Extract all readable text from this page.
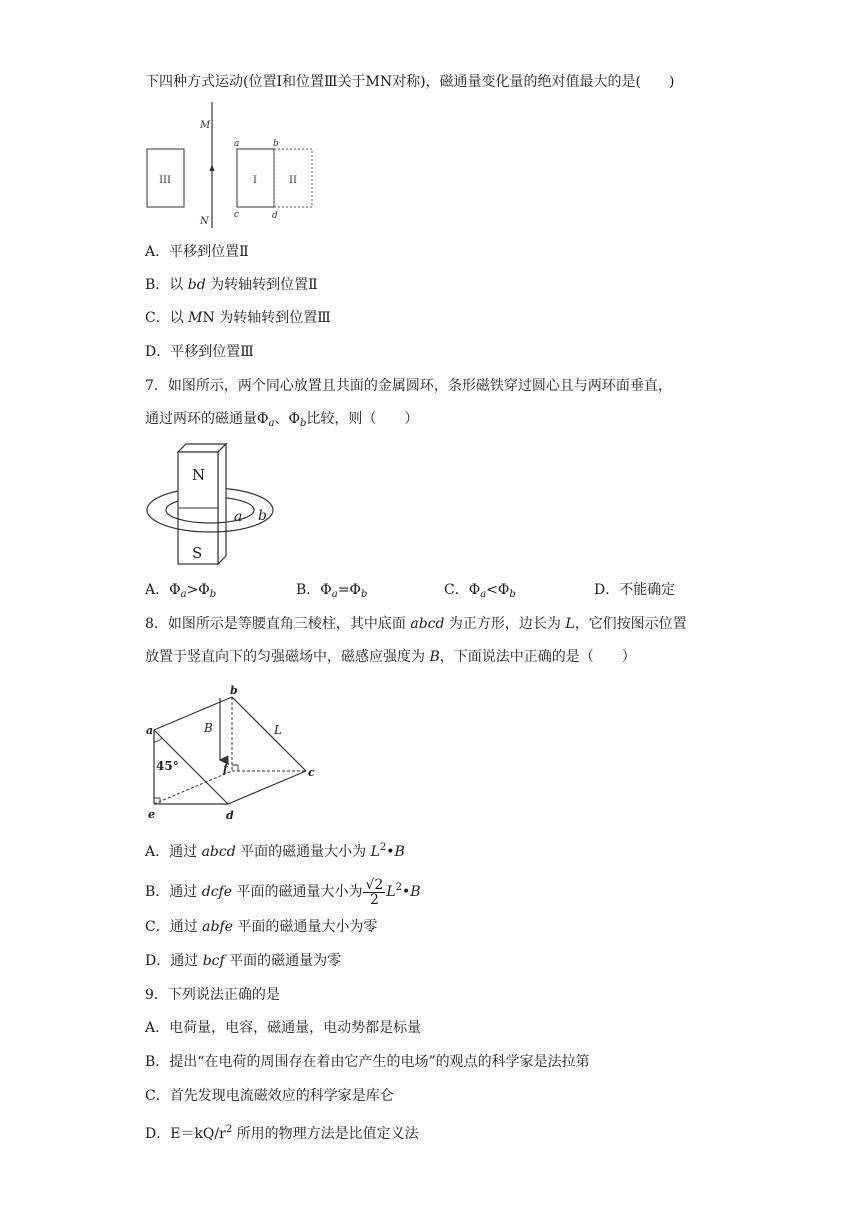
下四种方式运动(位置Ⅰ和位置Ⅲ关于MN对称)，磁通量变化量的绝对值最大的是(　　)
M
N
III	I	II
a	b
c	d
A．平移到位置Ⅱ
B．以 bd 为转轴转到位置Ⅱ
C．以 MN 为转轴转到位置Ⅲ
D．平移到位置Ⅲ
7．如图所示，两个同心放置且共面的金属圆环，条形磁铁穿过圆心且与两环面垂直，
通过两环的磁通量$\Phi_a$、$\Phi_b$比较，则（　　）
N
S
a b
A．$\Phi_a>\Phi_b$	B．$\Phi_a=\Phi_b$	C．$\Phi_a<\Phi_b$	D．不能确定
8．如图所示是等腰直角三棱柱，其中底面 abcd 为正方形，边长为 L，它们按图示位置
放置于竖直向下的匀强磁场中，磁感应强度为 B，下面说法中正确的是（　　）
B	L
45°
a
b
c
d
e
f
A．通过 abcd 平面的磁通量大小为 $L^2•B$
B．通过 dcfe 平面的磁通量大小为 $\frac{√2}{2}$ $L^2•B$
C．通过 abfe 平面的磁通量大小为零
D．通过 bcf 平面的磁通量为零
9．下列说法正确的是
A．电荷量，电容，磁通量，电动势都是标量
B．提出“在电荷的周围存在着由它产生的电场”的观点的科学家是法拉第
C．首先发现电流磁效应的科学家是库仑
D．$E=kQ/r^2$ 所用的物理方法是比值定义法
